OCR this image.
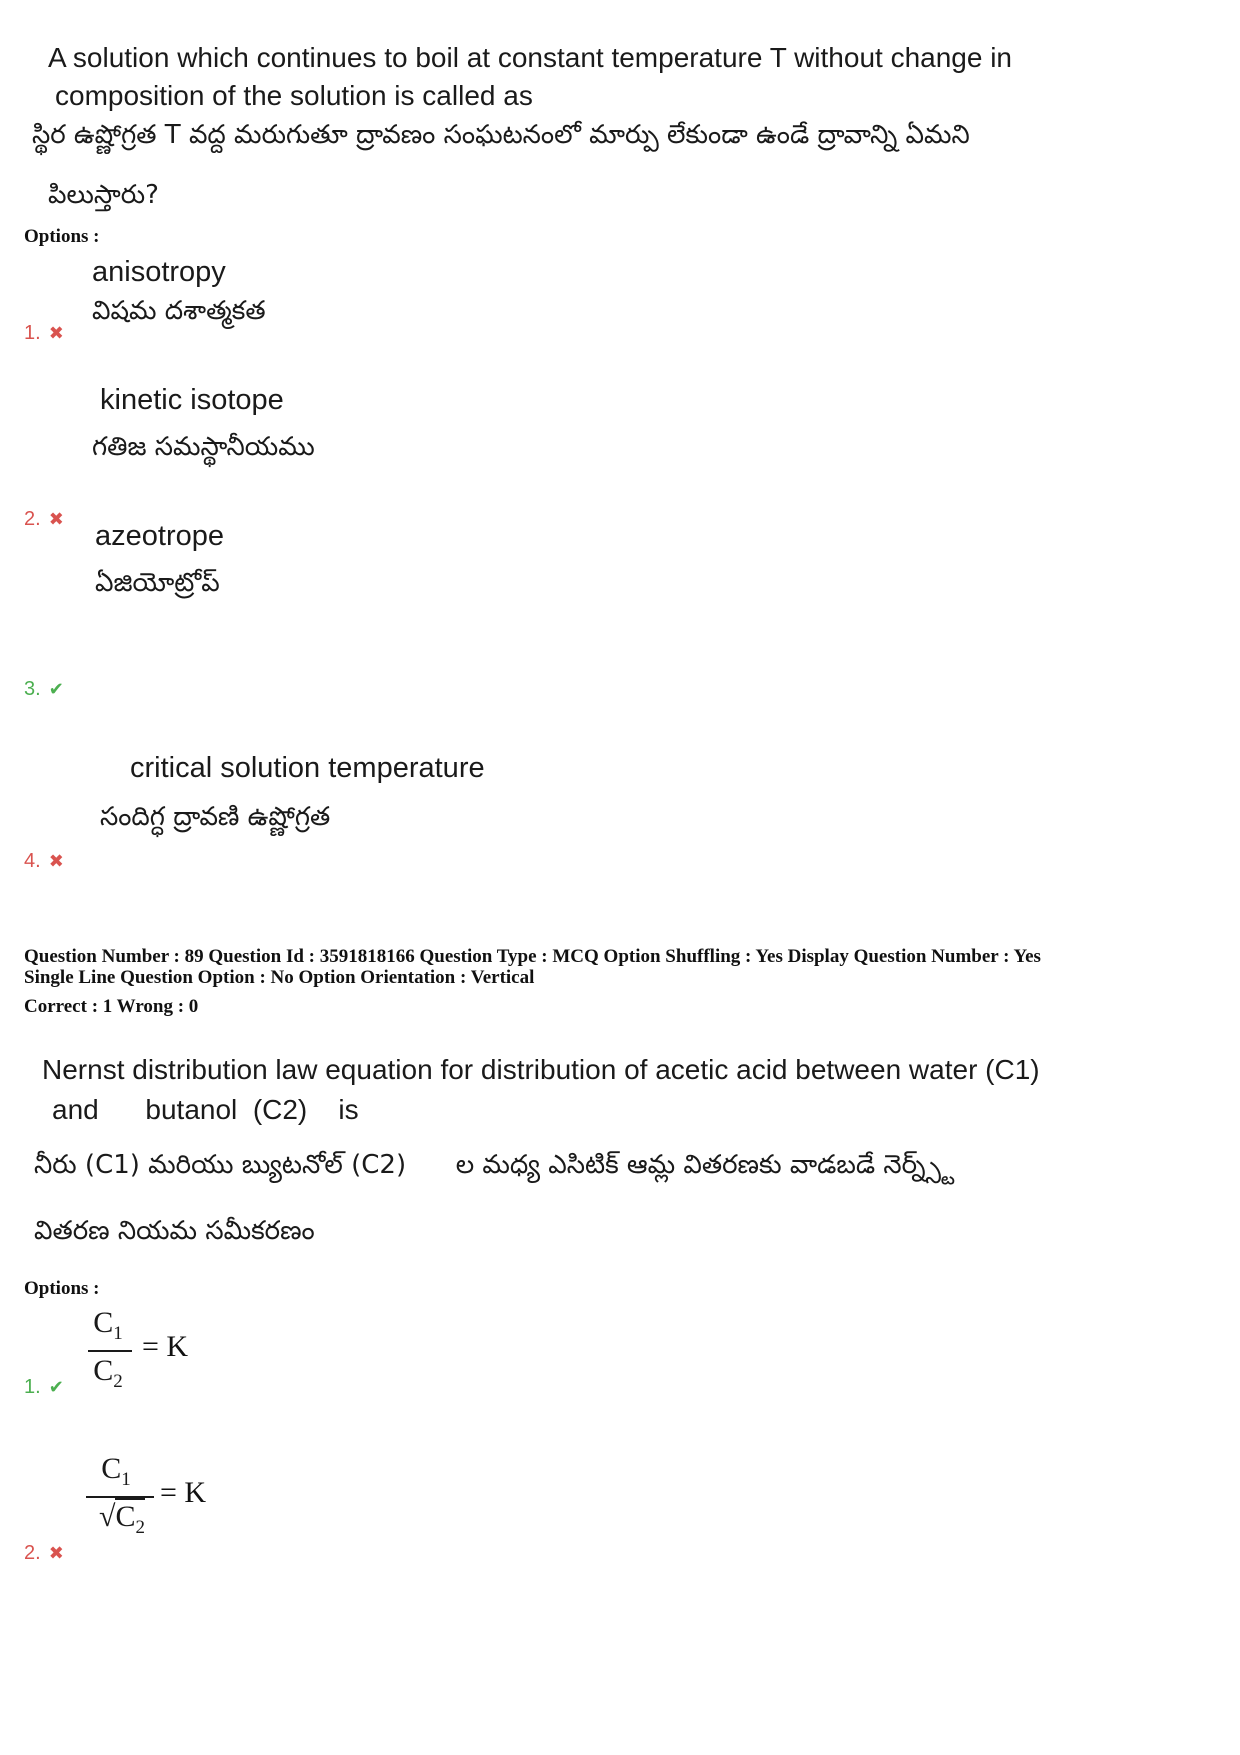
A solution which continues to boil at constant temperature T without change in
composition of the solution is called as
స్థిర ఉష్ణోగ్రత T వద్ద మరుగుతూ ద్రావణం సంఘటనంలో మార్పు లేకుండా ఉండే ద్రావాన్ని ఏమని
పిలుస్తారు?
Options :
anisotropy
విషమ దశాత్మకత
1. ✖
kinetic isotope
గతిజ సమస్థానీయము
2. ✖
azeotrope
ఏజియోట్రోప్
3. ✔
critical solution temperature
సందిగ్ధ ద్రావణి ఉష్ణోగ్రత
4. ✖
Question Number : 89 Question Id : 3591818166 Question Type : MCQ Option Shuffling : Yes Display Question Number : Yes
Single Line Question Option : No Option Orientation : Vertical
Correct : 1 Wrong : 0
Nernst distribution law equation for distribution of acetic acid between water (C1)
and      butanol  (C2)    is
నీరు (C1) మరియు బ్యుటనోల్ (C2)      ల మధ్య ఎసిటిక్ ఆమ్ల వితరణకు వాడబడే నెర్న్స్ట్
వితరణ నియమ సమీకరణం
Options :
$C_1$
$C_2$
= K
1. ✔
$C_1$
$√C_2$
= K
2. ✖
